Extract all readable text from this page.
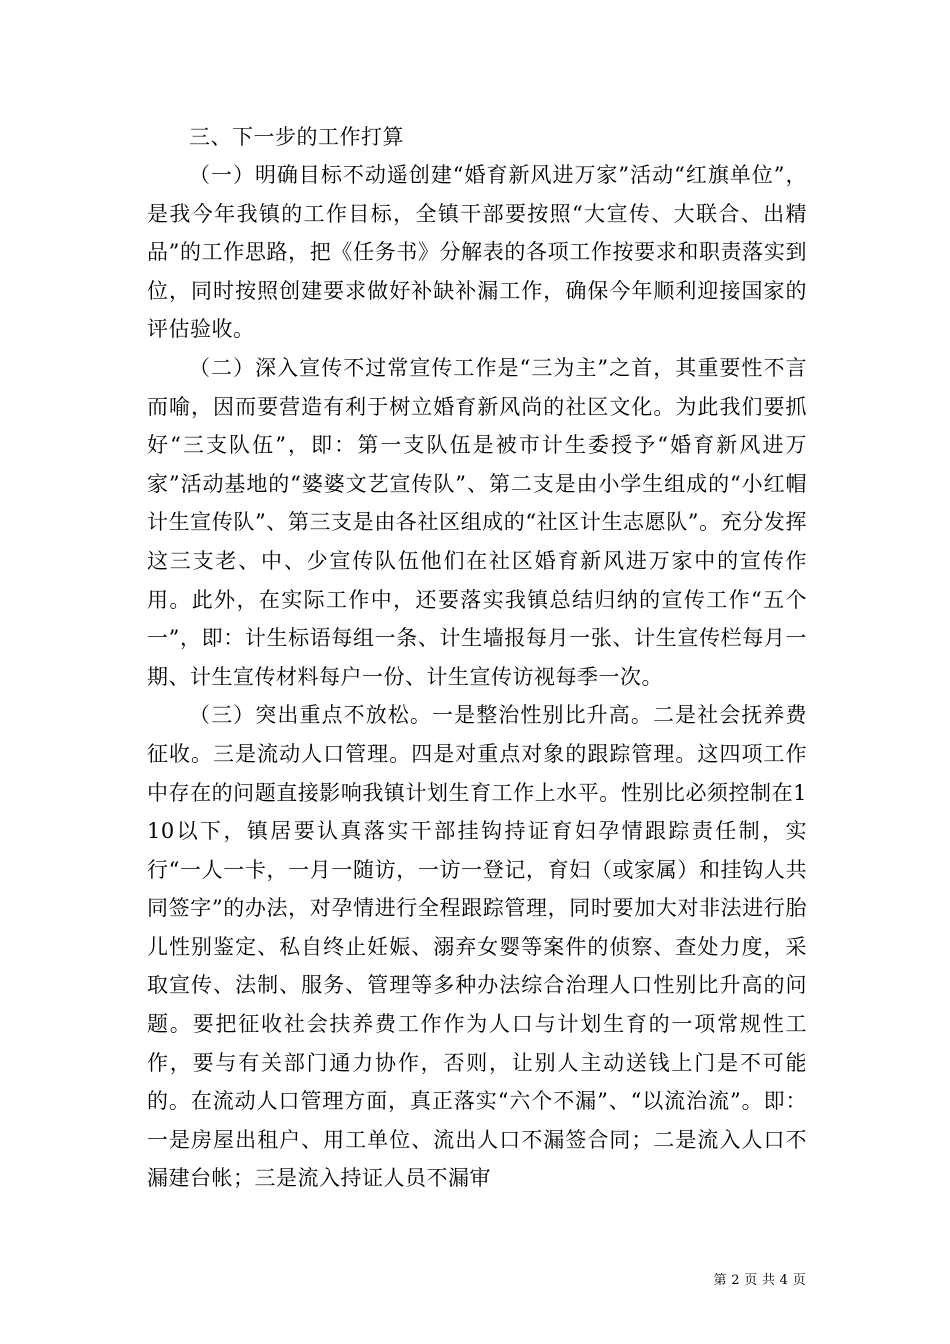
三、下一步的工作打算

（一）明确目标不动遥创建“婚育新风进万家”活动“红旗单位”，是我今年我镇的工作目标，全镇干部要按照“大宣传、大联合、出精品”的工作思路，把《任务书》分解表的各项工作按要求和职责落实到位，同时按照创建要求做好补缺补漏工作，确保今年顺利迎接国家的评估验收。

（二）深入宣传不过常宣传工作是“三为主”之首，其重要性不言而喻，因而要营造有利于树立婚育新风尚的社区文化。为此我们要抓好“三支队伍”，即：第一支队伍是被市计生委授予“婚育新风进万家”活动基地的“婆婆文艺宣传队”、第二支是由小学生组成的“小红帽计生宣传队”、第三支是由各社区组成的“社区计生志愿队”。充分发挥这三支老、中、少宣传队伍他们在社区婚育新风进万家中的宣传作用。此外，在实际工作中，还要落实我镇总结归纳的宣传工作“五个一”，即：计生标语每组一条、计生墙报每月一张、计生宣传栏每月一期、计生宣传材料每户一份、计生宣传访视每季一次。

（三）突出重点不放松。一是整治性别比升高。二是社会抚养费征收。三是流动人口管理。四是对重点对象的跟踪管理。这四项工作中存在的问题直接影响我镇计划生育工作上水平。性别比必须控制在110以下，镇居要认真落实干部挂钩持证育妇孕情跟踪责任制，实行“一人一卡，一月一随访，一访一登记，育妇（或家属）和挂钩人共同签字”的办法，对孕情进行全程跟踪管理，同时要加大对非法进行胎儿性别鉴定、私自终止妊娠、溺弃女婴等案件的侦察、查处力度，采取宣传、法制、服务、管理等多种办法综合治理人口性别比升高的问题。要把征收社会扶养费工作作为人口与计划生育的一项常规性工作，要与有关部门通力协作，否则，让别人主动送钱上门是不可能的。在流动人口管理方面，真正落实“六个不漏”、“以流治流”。即：一是房屋出租户、用工单位、流出人口不漏签合同；二是流入人口不漏建台帐；三是流入持证人员不漏审

第 2 页 共 4 页
